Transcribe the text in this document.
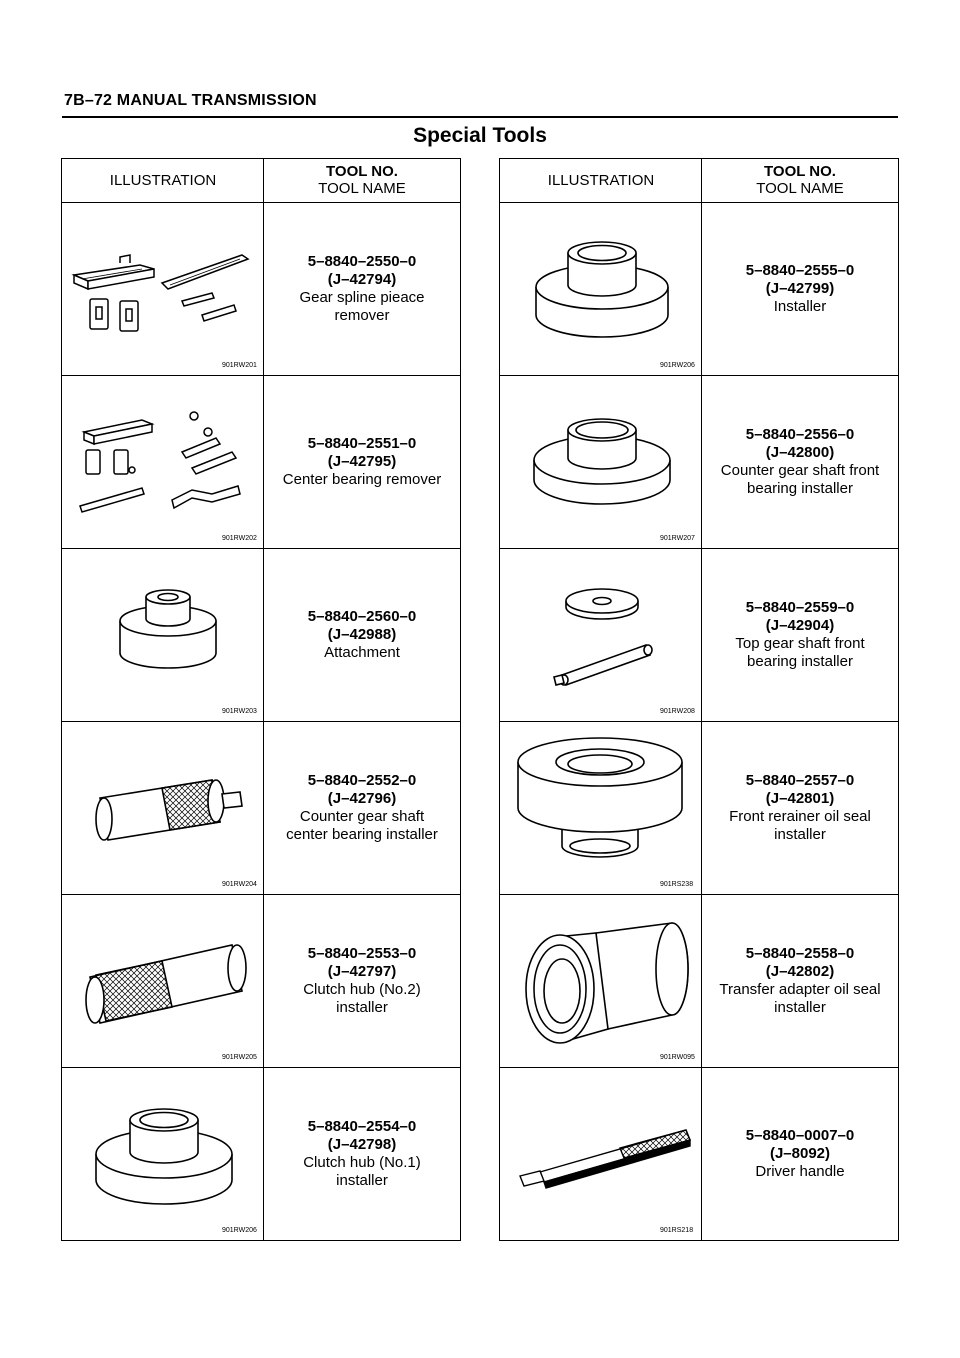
7B–72 MANUAL TRANSMISSION
Special Tools
ILLUSTRATION
TOOL NO.
TOOL NAME
901RW201
5–8840–2550–0
(J–42794)
Gear spline pieace
remover
901RW202
5–8840–2551–0
(J–42795)
Center bearing remover
901RW203
5–8840–2560–0
(J–42988)
Attachment
901RW204
5–8840–2552–0
(J–42796)
Counter gear shaft
center bearing installer
901RW205
5–8840–2553–0
(J–42797)
Clutch hub (No.2)
installer
901RW206
5–8840–2554–0
(J–42798)
Clutch hub (No.1)
installer
ILLUSTRATION
TOOL NO.
TOOL NAME
901RW206
5–8840–2555–0
(J–42799)
Installer
901RW207
5–8840–2556–0
(J–42800)
Counter gear shaft front
bearing installer
901RW208
5–8840–2559–0
(J–42904)
Top gear shaft front
bearing installer
901RS238
5–8840–2557–0
(J–42801)
Front rerainer oil seal
installer
901RW095
5–8840–2558–0
(J–42802)
Transfer adapter oil seal
installer
901RS218
5–8840–0007–0
(J–8092)
Driver handle
